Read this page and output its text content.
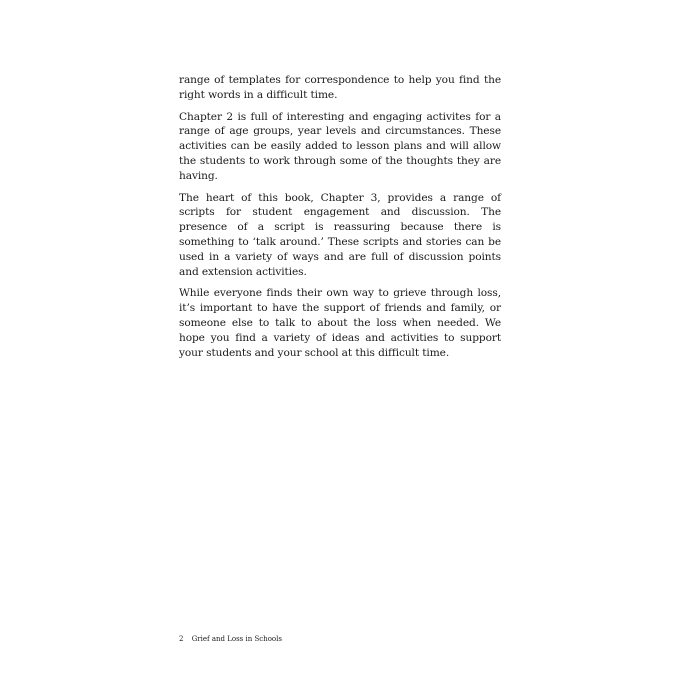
range of templates for correspondence to help you find the right words in a difficult time.

Chapter 2 is full of interesting and engaging activites for a range of age groups, year levels and circumstances. These activities can be easily added to lesson plans and will allow the students to work through some of the thoughts they are having.

The heart of this book, Chapter 3, provides a range of scripts for student engagement and discussion. The presence of a script is reassuring because there is something to ‘talk around.’ These scripts and stories can be used in a variety of ways and are full of discussion points and extension activities.

While everyone finds their own way to grieve through loss, it’s important to have the support of friends and family, or someone else to talk to about the loss when needed. We hope you find a variety of ideas and activities to support your students and your school at this difficult time.

2 Grief and Loss in Schools
